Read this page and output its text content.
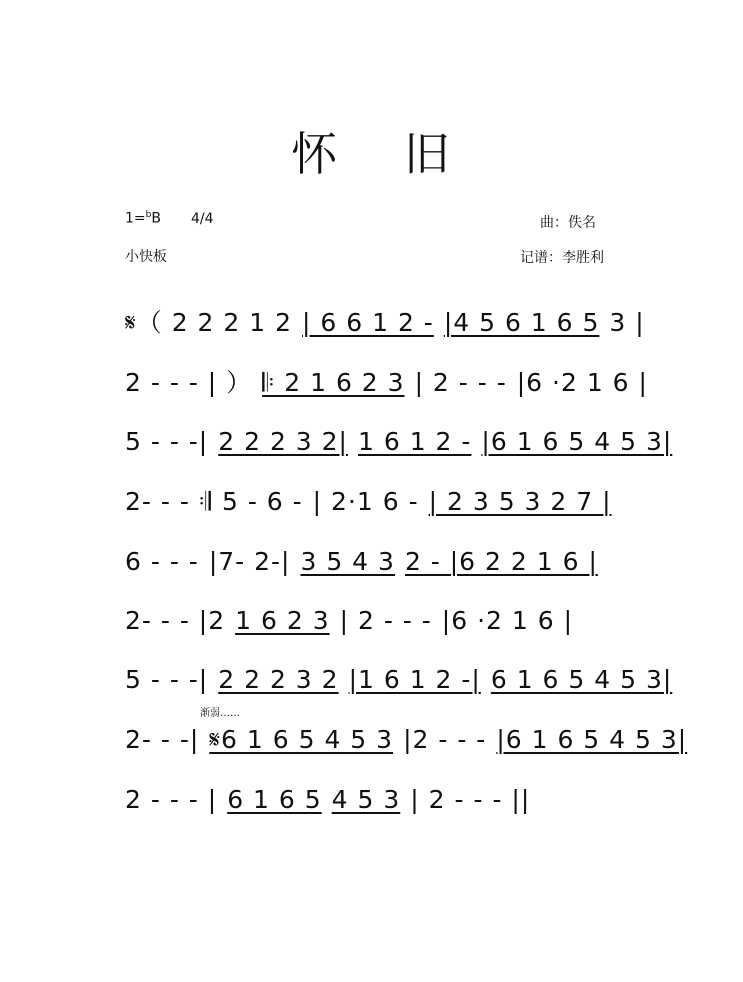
怀 旧
1=$^b$B 4/4
小快板
曲：佚名
记谱：李胜利
渐弱……
𝄋（ 2 2 2 1 2 | 6 6 1 2 - |4 5 6 1 6 5 3 |
2 - - - | ） 𝄆 2 1 6 2 3 | 2 - - - |6 ·2 1 6 |
5 - - -| 2 2 2 3 2| 1 6 1 2 - |6 1 6 5 4 5 3|
2- - - 𝄇 5 - 6 - | 2·1 6 - | 2 3 5 3 2 7 |
6 - - - |7- 2-| 3 5 4 3 2 - |6 2 2 1 6 |
2- - - |2 1 6 2 3 | 2 - - - |6 ·2 1 6 |
5 - - -| 2 2 2 3 2 |1 6 1 2 -| 6 1 6 5 4 5 3|
2- - -| 𝄋6 1 6 5 4 5 3 |2 - - - |6 1 6 5 4 5 3|
2 - - - | 6 1 6 5 4 5 3 | 2 - - - ||
